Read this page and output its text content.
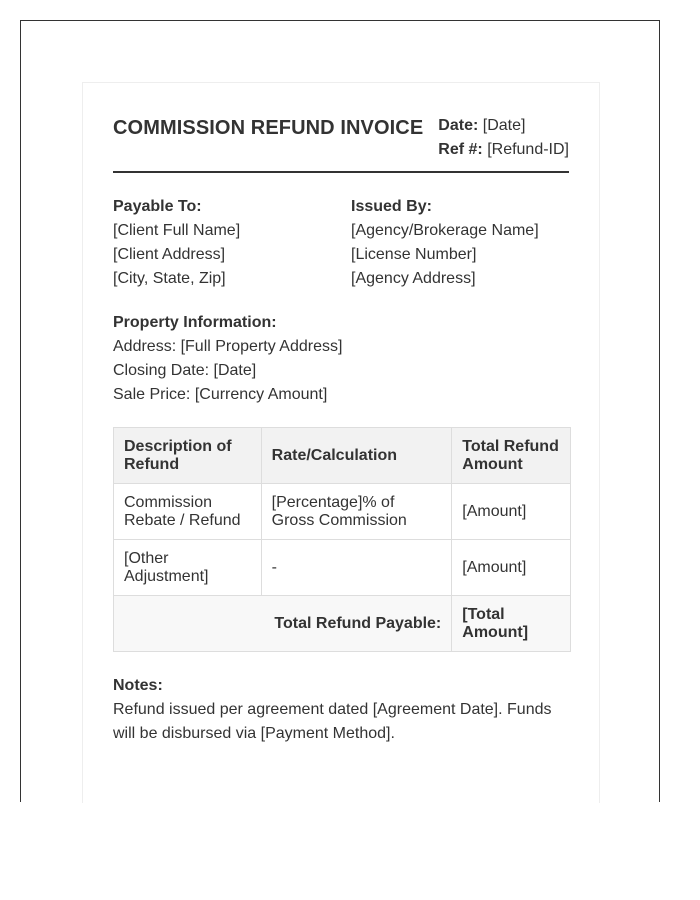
COMMISSION REFUND INVOICE Date: [Date]
Ref #: [Refund-ID]
Payable To:
[Client Full Name]
[Client Address]
[City, State, Zip]
Issued By:
[Agency/Brokerage Name]
[License Number]
[Agency Address]
Property Information:
Address: [Full Property Address]
Closing Date: [Date]
Sale Price: [Currency Amount]
Description of Refund	Rate/Calculation	Total Refund Amount
Commission Rebate / Refund	[Percentage]% of Gross Commission	[Amount]
[Other Adjustment]	-	[Amount]
Total Refund Payable:		[Total Amount]
Notes:
Refund issued per agreement dated [Agreement Date]. Funds will be disbursed via [Payment Method].
